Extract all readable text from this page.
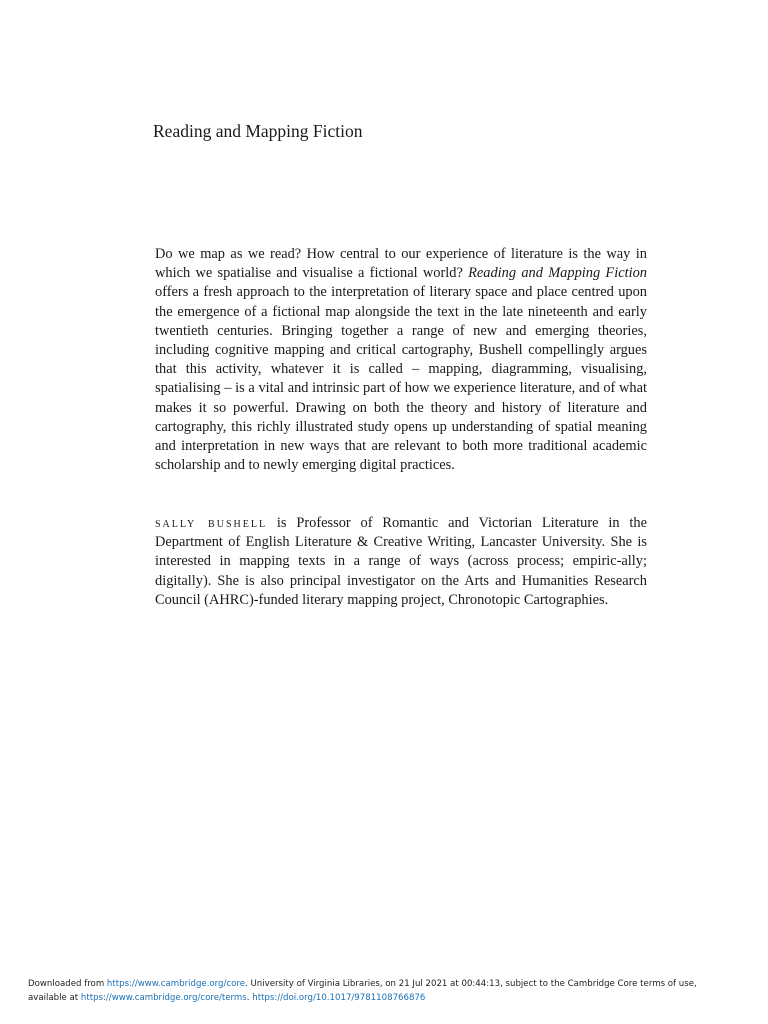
Reading and Mapping Fiction

Do we map as we read? How central to our experience of literature is the way in which we spatialise and visualise a fictional world? Reading and Mapping Fiction offers a fresh approach to the interpretation of literary space and place centred upon the emergence of a fictional map alongside the text in the late nineteenth and early twentieth centuries. Bringing together a range of new and emerging theories, including cognitive mapping and critical cartography, Bushell compellingly argues that this activity, whatever it is called – mapping, diagramming, visualising, spatialising – is a vital and intrinsic part of how we experience literature, and of what makes it so powerful. Drawing on both the theory and history of literature and cartography, this richly illustrated study opens up understanding of spatial meaning and interpretation in new ways that are relevant to both more traditional academic scholarship and to newly emerging digital practices.

sally bushell is Professor of Romantic and Victorian Literature in the Department of English Literature & Creative Writing, Lancaster University. She is interested in mapping texts in a range of ways (across process; empiric-ally; digitally). She is also principal investigator on the Arts and Humanities Research Council (AHRC)-funded literary mapping project, Chronotopic Cartographies.

Downloaded from https://www.cambridge.org/core. University of Virginia Libraries, on 21 Jul 2021 at 00:44:13, subject to the Cambridge Core terms of use,
available at https://www.cambridge.org/core/terms. https://doi.org/10.1017/9781108766876
